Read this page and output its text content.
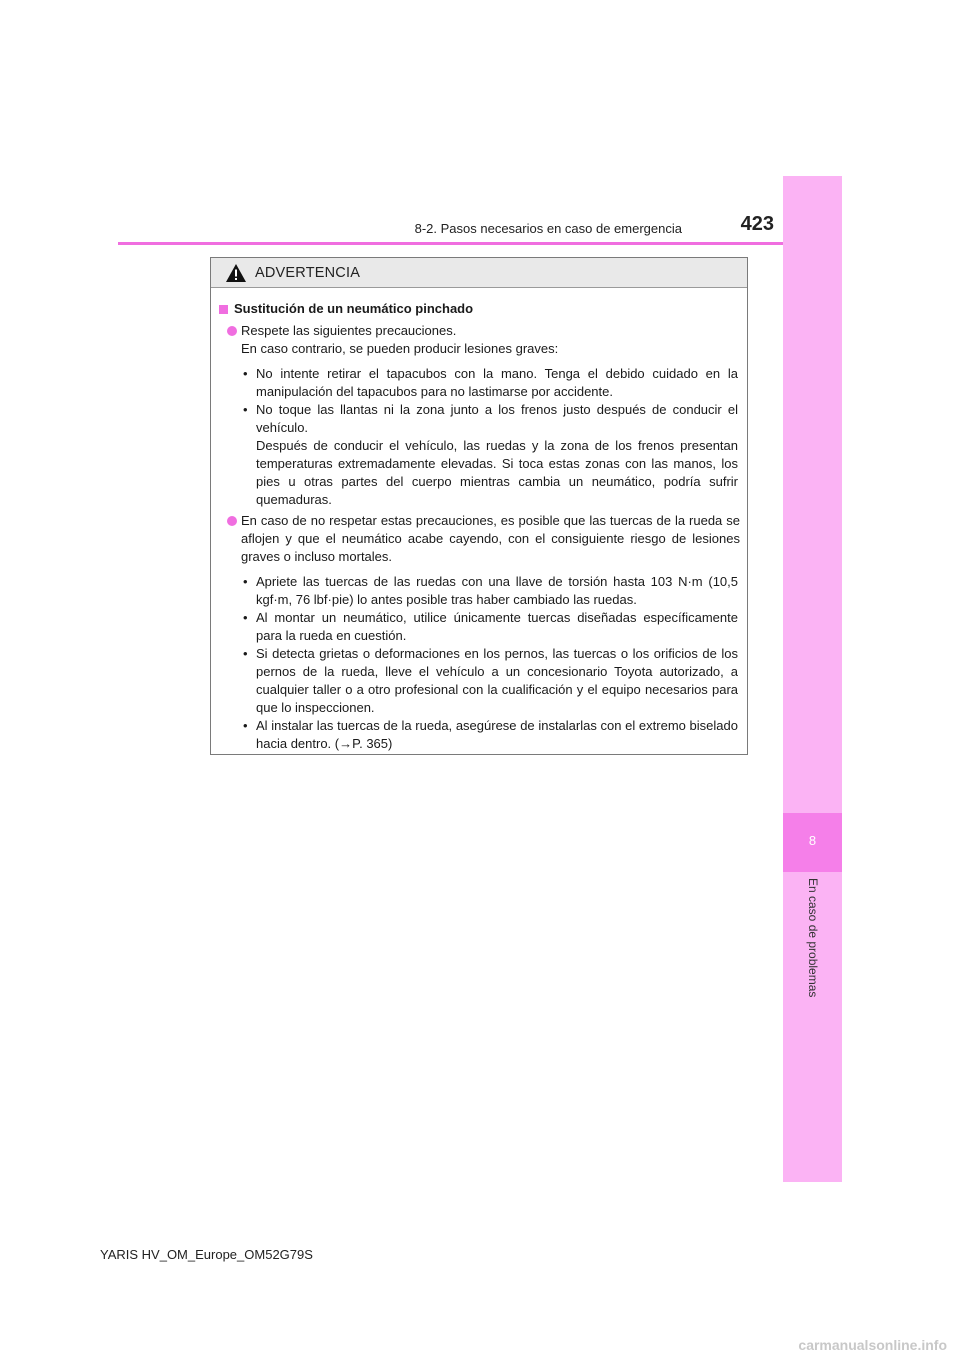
8-2. Pasos necesarios en caso de emergencia	423
8
En caso de problemas
ADVERTENCIA
Sustitución de un neumático pinchado
Respete las siguientes precauciones.
En caso contrario, se pueden producir lesiones graves:
• No intente retirar el tapacubos con la mano. Tenga el debido cuidado en la manipulación del tapacubos para no lastimarse por accidente.
• No toque las llantas ni la zona junto a los frenos justo después de conducir el vehículo.
Después de conducir el vehículo, las ruedas y la zona de los frenos presentan temperaturas extremadamente elevadas. Si toca estas zonas con las manos, los pies u otras partes del cuerpo mientras cambia un neumático, podría sufrir quemaduras.
En caso de no respetar estas precauciones, es posible que las tuercas de la rueda se aflojen y que el neumático acabe cayendo, con el consiguiente riesgo de lesiones graves o incluso mortales.
• Apriete las tuercas de las ruedas con una llave de torsión hasta 103 N·m (10,5 kgf·m, 76 lbf·pie) lo antes posible tras haber cambiado las ruedas.
• Al montar un neumático, utilice únicamente tuercas diseñadas específicamente para la rueda en cuestión.
• Si detecta grietas o deformaciones en los pernos, las tuercas o los orificios de los pernos de la rueda, lleve el vehículo a un concesionario Toyota autorizado, a cualquier taller o a otro profesional con la cualificación y el equipo necesarios para que lo inspeccionen.
• Al instalar las tuercas de la rueda, asegúrese de instalarlas con el extremo biselado hacia dentro. (→P. 365)
YARIS HV_OM_Europe_OM52G79S
carmanualsonline.info
